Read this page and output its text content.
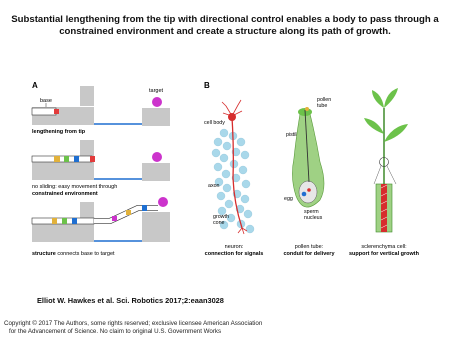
Substantial lengthening from the tip with directional control enables a body to pass through a
constrained environment and create a structure along its path of growth.
A
base
lengthening from tip
target
no sliding: easy movement through
constrained environment
structure connects base to target
B
cell body
axon
growth
cone
neuron:
connection for signals
pistil
pollen
tube
egg
sperm
nucleus
pollen tube:
conduit for delivery
sclerenchyma cell:
support for vertical growth
Elliot W. Hawkes et al. Sci. Robotics 2017;2:eaan3028
Copyright © 2017 The Authors, some rights reserved; exclusive licensee American Association
for the Advancement of Science. No claim to original U.S. Government Works
